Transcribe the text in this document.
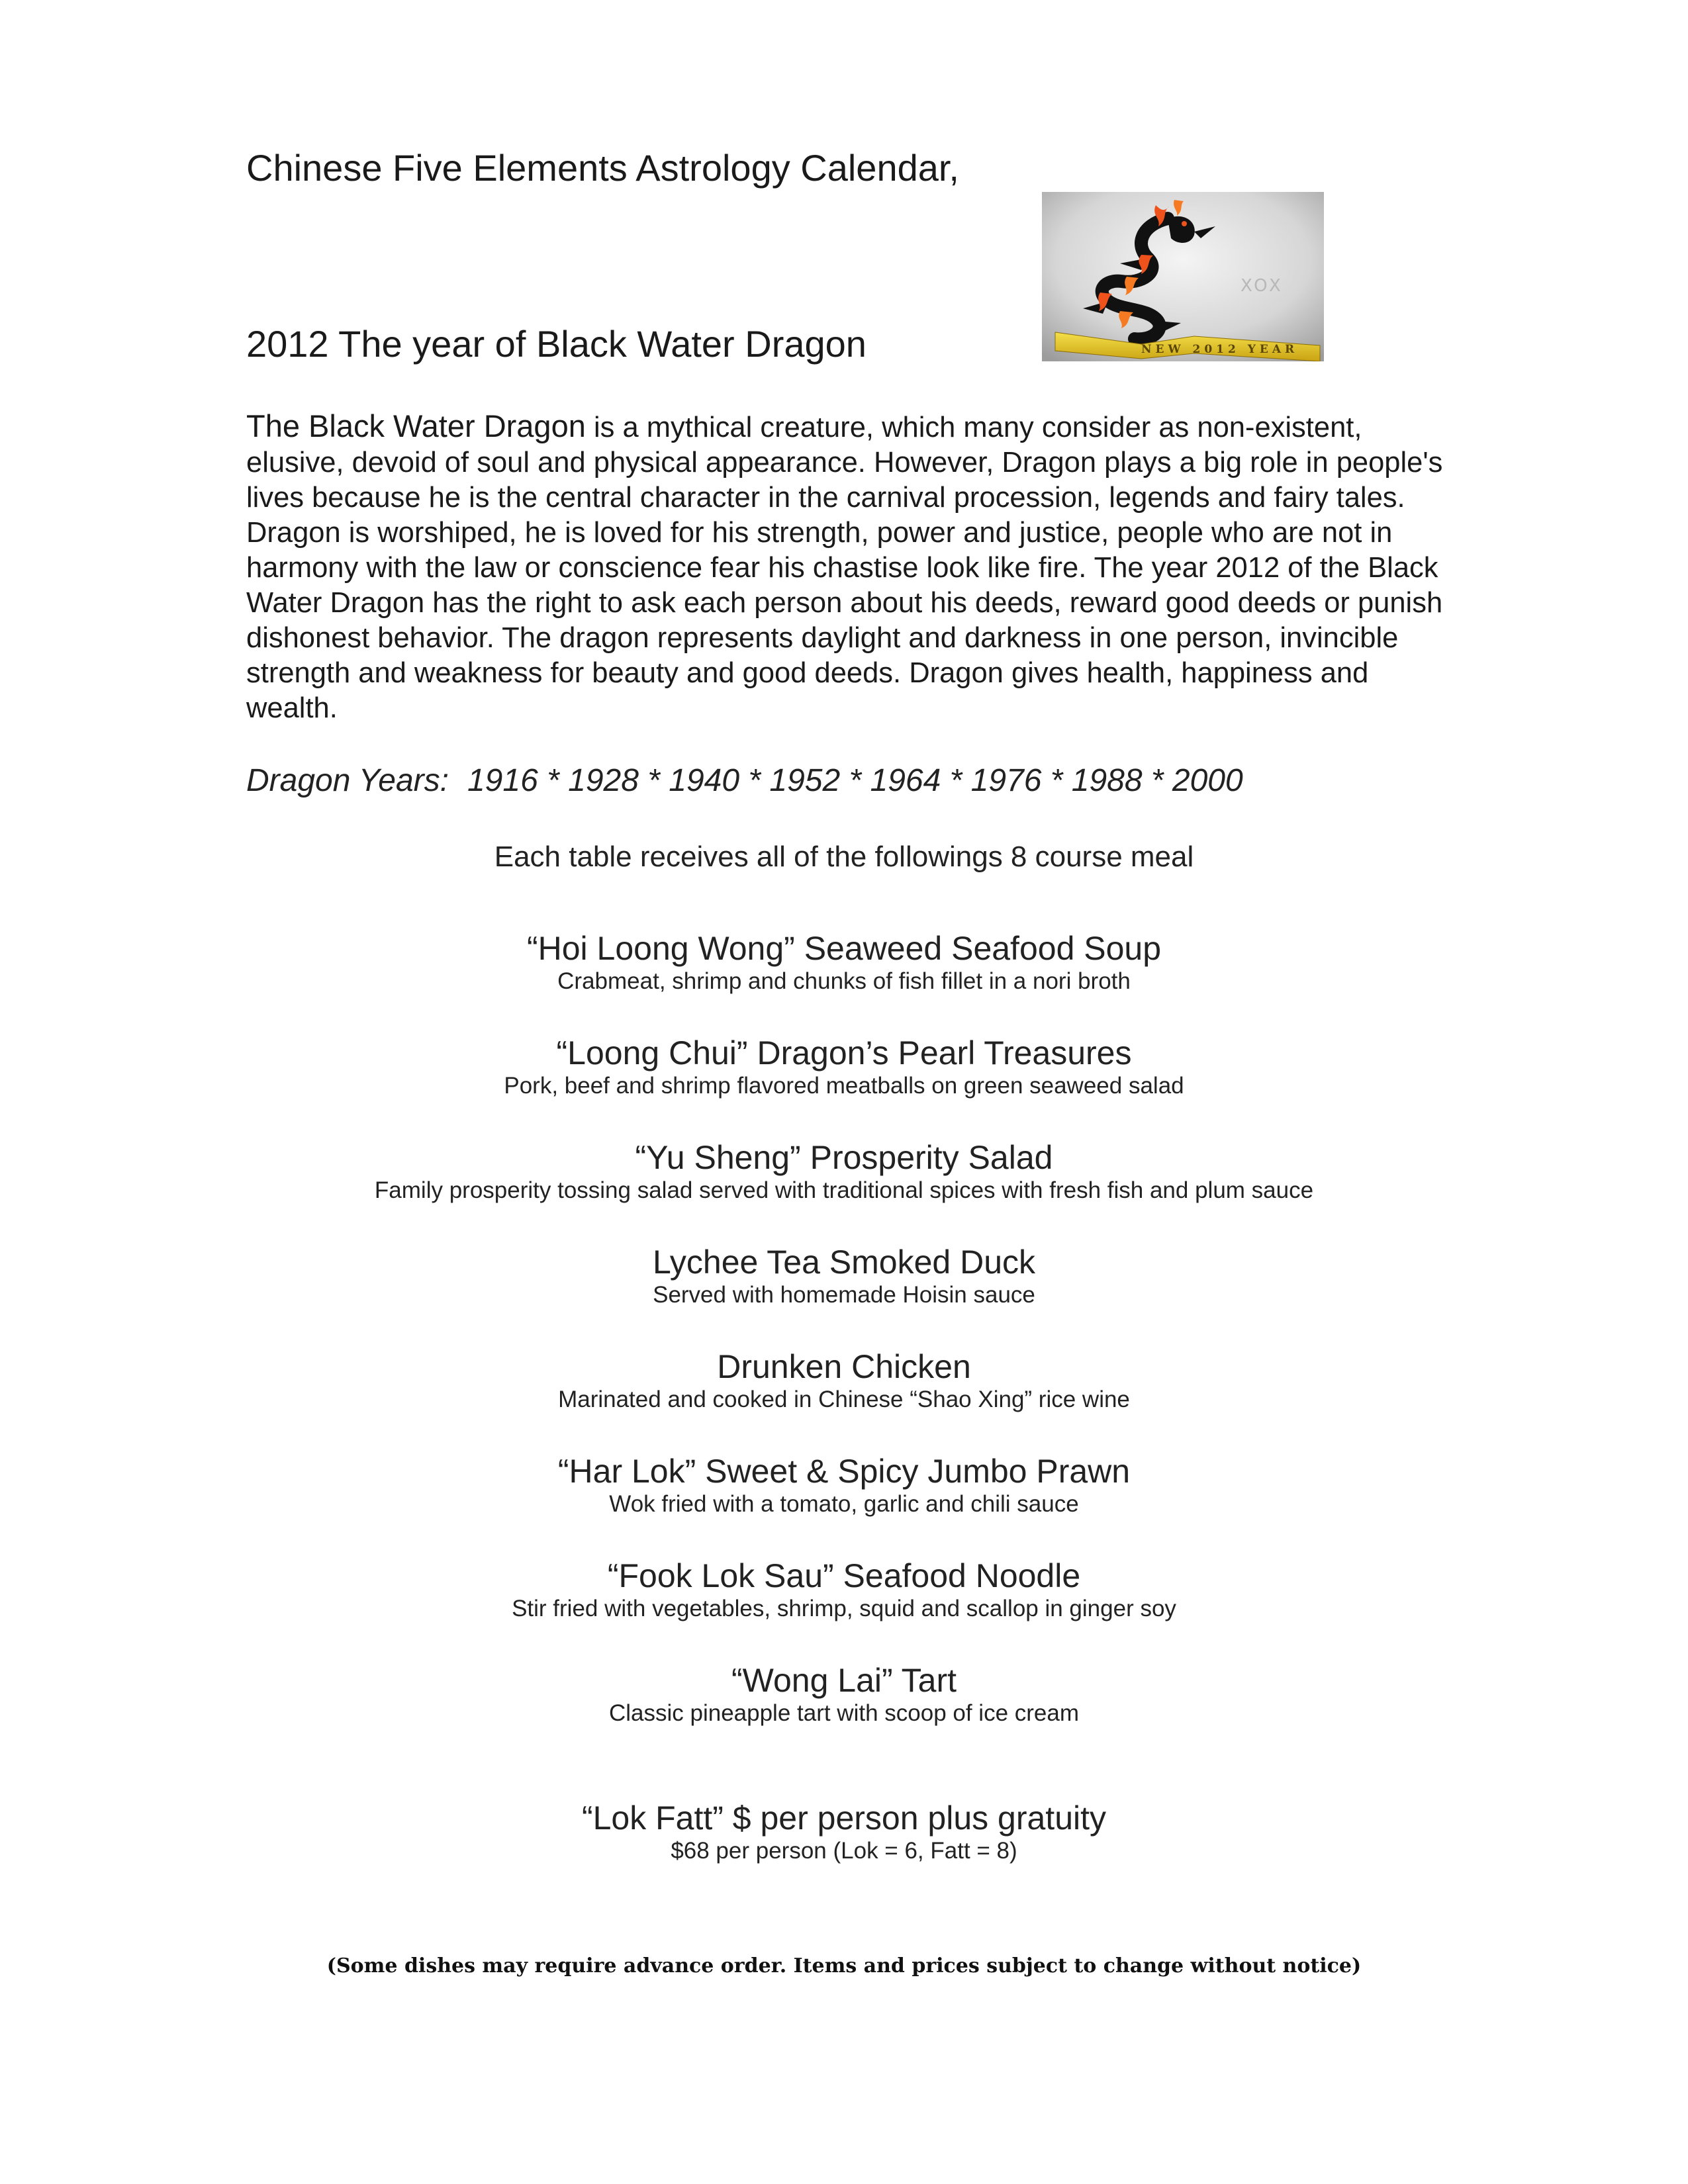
Chinese Five Elements Astrology Calendar,
XOX
NEW 2012 YEAR
2012 The year of Black Water Dragon

The Black Water Dragon is a mythical creature, which many consider as non-existent, elusive, devoid of soul and physical appearance. However, Dragon plays a big role in people's lives because he is the central character in the carnival procession, legends and fairy tales. Dragon is worshiped, he is loved for his strength, power and justice, people who are not in harmony with the law or conscience fear his chastise look like fire. The year 2012 of the Black Water Dragon has the right to ask each person about his deeds, reward good deeds or punish dishonest behavior. The dragon represents daylight and darkness in one person, invincible strength and weakness for beauty and good deeds. Dragon gives health, happiness and wealth.

Dragon Years: 1916 * 1928 * 1940 * 1952 * 1964 * 1976 * 1988 * 2000
Each table receives all of the followings 8 course meal
“Hoi Loong Wong” Seaweed Seafood Soup
Crabmeat, shrimp and chunks of fish fillet in a nori broth
“Loong Chui” Dragon’s Pearl Treasures
Pork, beef and shrimp flavored meatballs on green seaweed salad
“Yu Sheng” Prosperity Salad
Family prosperity tossing salad served with traditional spices with fresh fish and plum sauce
Lychee Tea Smoked Duck
Served with homemade Hoisin sauce
Drunken Chicken
Marinated and cooked in Chinese “Shao Xing” rice wine
“Har Lok” Sweet & Spicy Jumbo Prawn
Wok fried with a tomato, garlic and chili sauce
“Fook Lok Sau” Seafood Noodle
Stir fried with vegetables, shrimp, squid and scallop in ginger soy
“Wong Lai” Tart
Classic pineapple tart with scoop of ice cream
“Lok Fatt” $ per person plus gratuity
$68 per person (Lok = 6, Fatt = 8)
(Some dishes may require advance order. Items and prices subject to change without notice)
